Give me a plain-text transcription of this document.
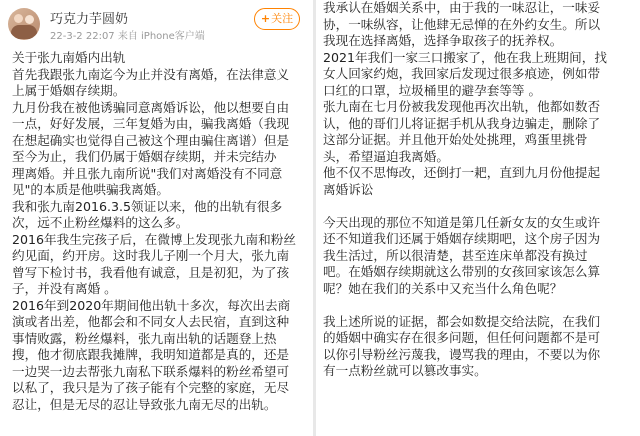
巧克力芋圆奶
22-3-2 22:07 来自 iPhone客户端
+关注
关于张九南婚内出轨
首先我跟张九南迄今为止并没有离婚，在法律意义
上属于婚姻存续期。
九月份我在被他诱骗同意离婚诉讼，他以想要自由
一点，好好发展，三年复婚为由，骗我离婚（我现
在想起确实也觉得自己被这个理由骗住离谱）但是
至今为止，我们仍属于婚姻存续期，并未完结办
理离婚。并且张九南所说"我们对离婚没有不同意
见"的本质是他哄骗我离婚。
我和张九南2016.3.5领证以来，他的出轨有很多
次，远不止粉丝爆料的这么多。
2016年我生完孩子后，在微博上发现张九南和粉丝
约见面，约开房。这时我儿子刚一个月大，张九南
曾写下检讨书，我看他有诚意，且是初犯，为了孩
子，并没有离婚 。
2016年到2020年期间他出轨十多次，每次出去商
演或者出差，他都会和不同女人去民宿，直到这种
事情败露，粉丝爆料，张九南出轨的话题登上热
搜，他才彻底跟我摊牌，我明知道都是真的，还是
一边哭一边去帮张九南私下联系爆料的粉丝希望可
以私了，我只是为了孩子能有个完整的家庭，无尽
忍让，但是无尽的忍让导致张九南无尽的出轨。
我承认在婚姻关系中，由于我的一味忍让，一味妥
协，一味纵容，让他肆无忌惮的在外约女生。所以
我现在选择离婚，选择争取孩子的抚养权。
2021年我们一家三口搬家了，他在我上班期间，找
女人回家约炮，我回家后发现过很多痕迹，例如带
口红的口罩，垃圾桶里的避孕套等等 。
张九南在七月份被我发现他再次出轨，他都如数否
认，他的哥们儿将证据手机从我身边骗走，删除了
这部分证据。并且他开始处处挑理，鸡蛋里挑骨
头，希望逼迫我离婚。
他不仅不思悔改，还倒打一耙，直到九月份他提起
离婚诉讼
今天出现的那位不知道是第几任新女友的女生或许
还不知道我们还属于婚姻存续期吧，这个房子因为
我生活过，所以很清楚，甚至连床单都没有换过
吧。在婚姻存续期就这么带别的女孩回家该怎么算
呢？她在我们的关系中又充当什么角色呢？
我上述所说的证据，都会如数提交给法院，在我们
的婚姻中确实存在很多问题，但任何问题都不是可
以你引导粉丝污蔑我，谩骂我的理由，不要以为你
有一点粉丝就可以篡改事实。
